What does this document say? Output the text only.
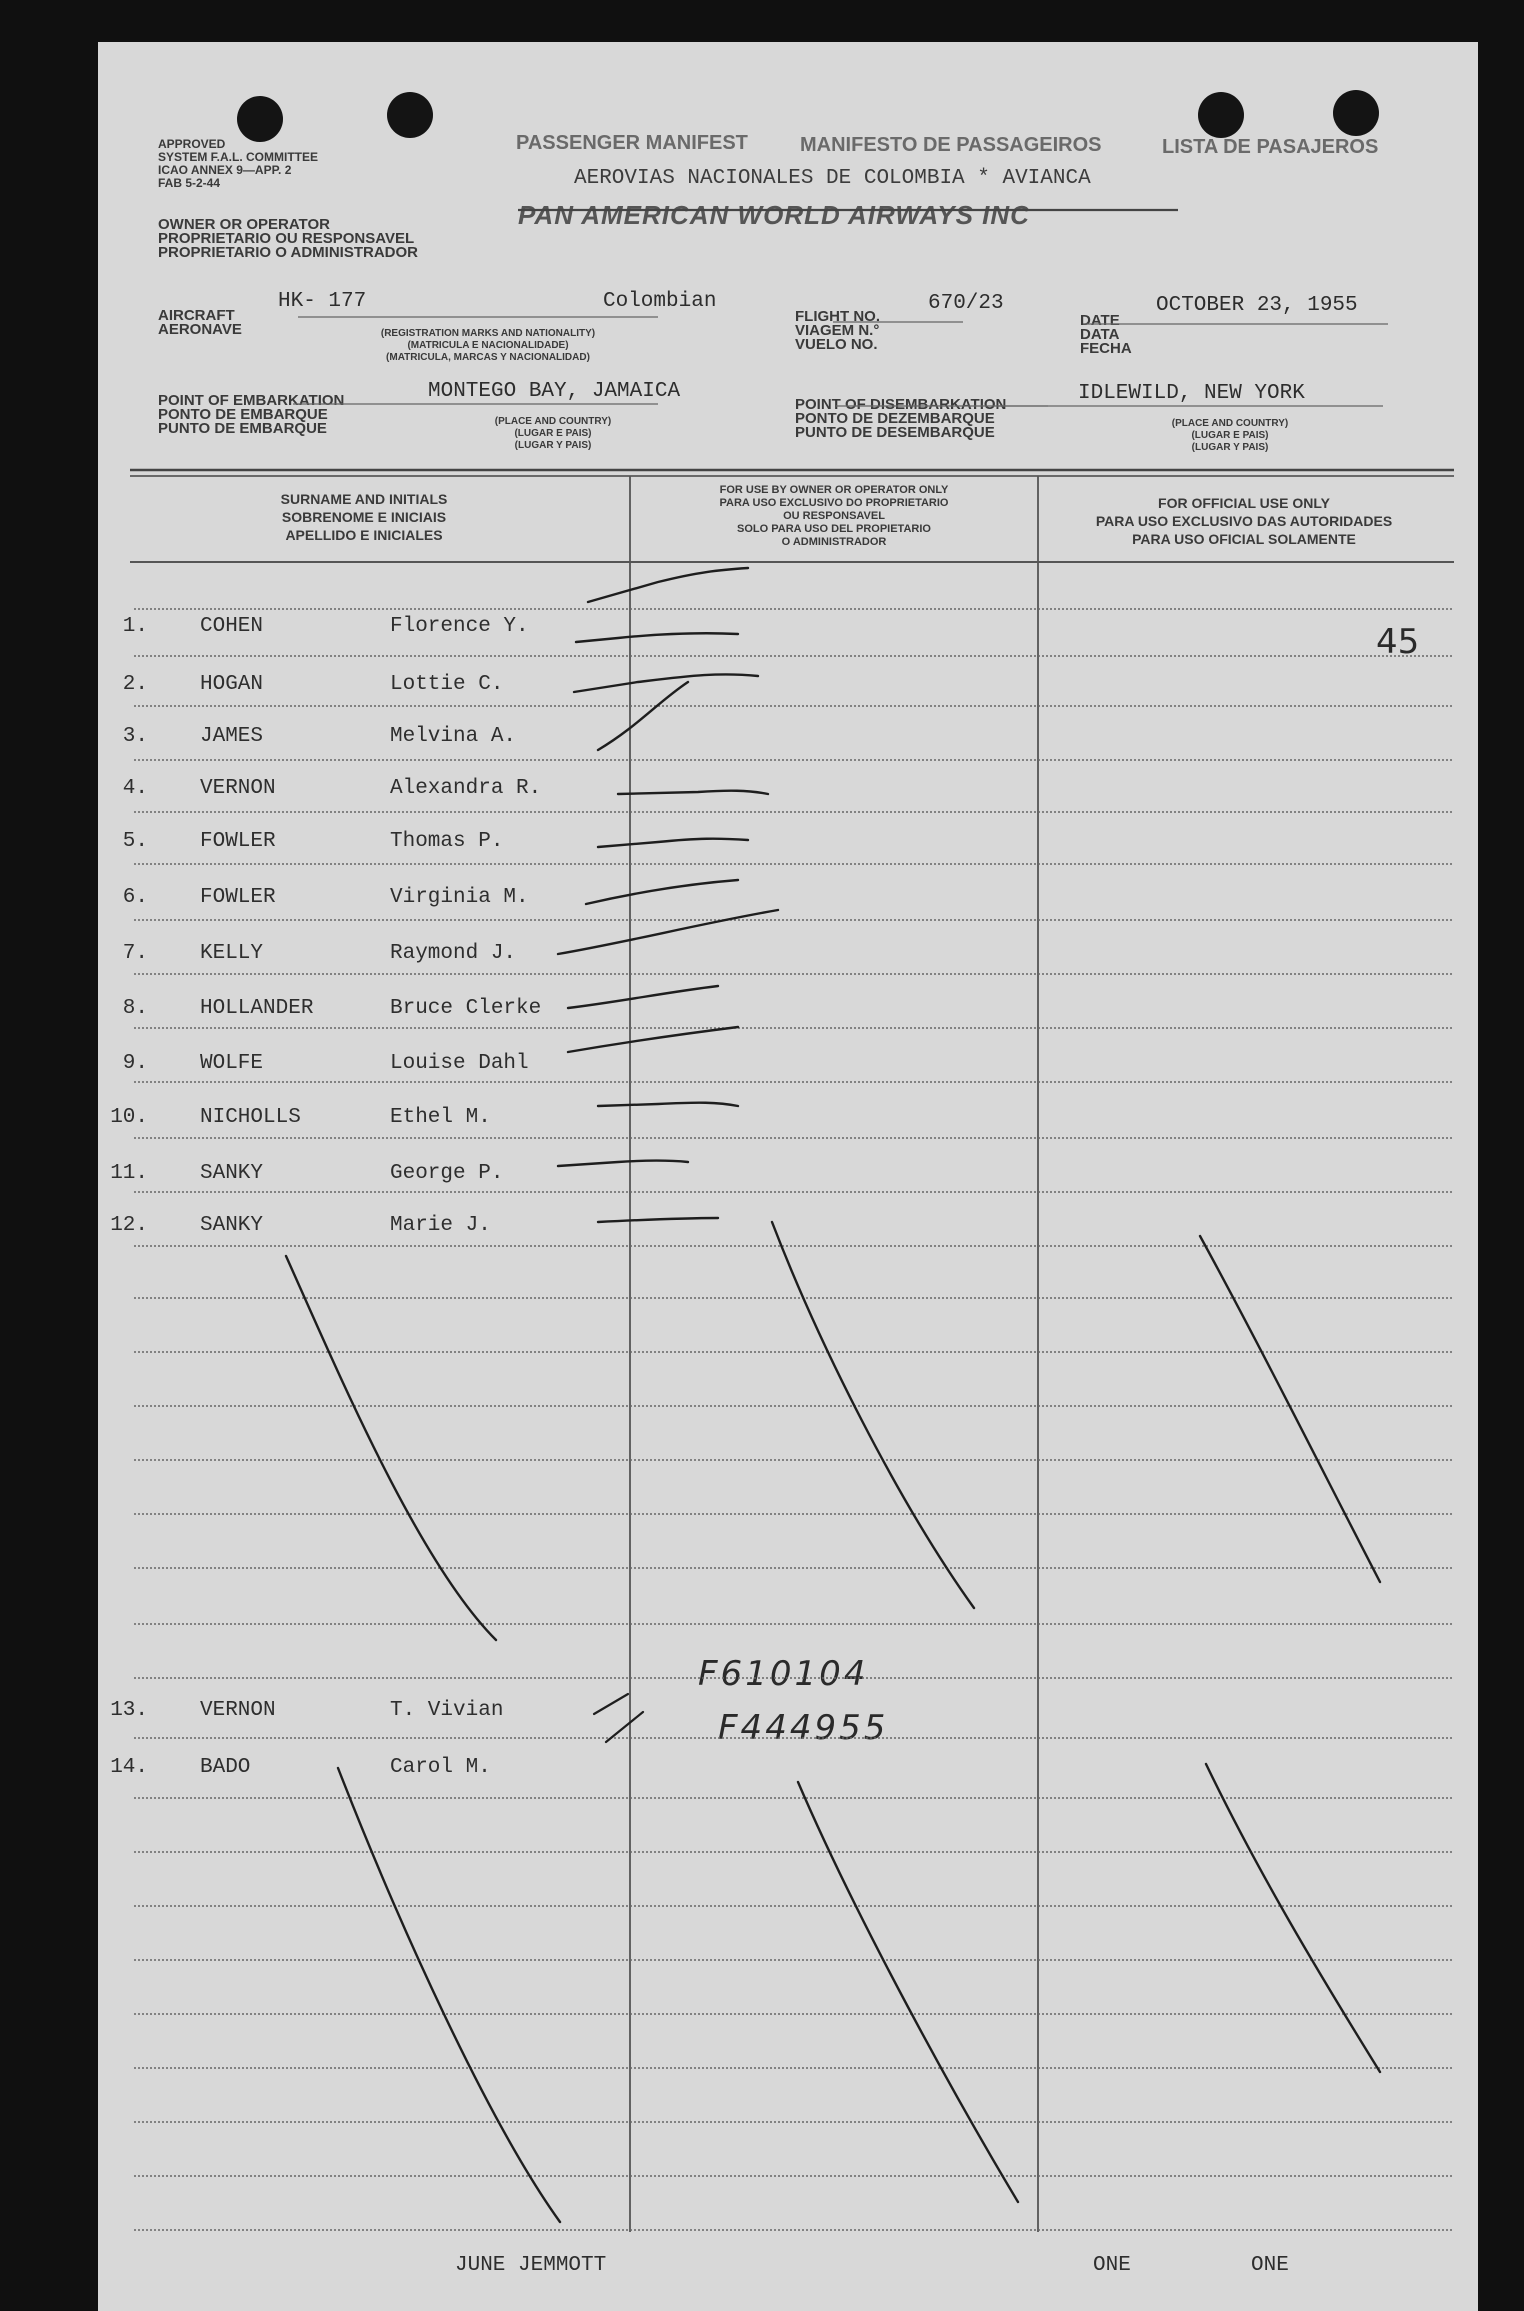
APPROVED
SYSTEM F.A.L. COMMITTEE
ICAO ANNEX 9—APP. 2
FAB 5-2-44
OWNER OR OPERATOR
PROPRIETARIO OU RESPONSAVEL
PROPRIETARIO O ADMINISTRADOR
PASSENGER MANIFEST	MANIFESTO DE PASSAGEIROS	LISTA DE PASAJEROS
AEROVIAS NACIONALES DE COLOMBIA * AVIANCA
PAN AMERICAN WORLD AIRWAYS INC
AIRCRAFT
AERONAVE
HK- 177	Colombian
(REGISTRATION MARKS AND NATIONALITY)
(MATRICULA E NACIONALIDADE)
(MATRICULA, MARCAS Y NACIONALIDAD)
FLIGHT NO.
VIAGEM N.°
VUELO NO.
670/23
DATE
DATA
FECHA
OCTOBER 23, 1955
POINT OF EMBARKATION
PONTO DE EMBARQUE
PUNTO DE EMBARQUE
MONTEGO BAY, JAMAICA
(PLACE AND COUNTRY)
(LUGAR E PAIS)
(LUGAR Y PAIS)
POINT OF DISEMBARKATION
PONTO DE DEZEMBARQUE
PUNTO DE DESEMBARQUE
IDLEWILD, NEW YORK
(PLACE AND COUNTRY)
(LUGAR E PAIS)
(LUGAR Y PAIS)
SURNAME AND INITIALS
SOBRENOME E INICIAIS
APELLIDO E INICIALES
FOR USE BY OWNER OR OPERATOR ONLY
PARA USO EXCLUSIVO DO PROPRIETARIO
OU RESPONSAVEL
SOLO PARA USO DEL PROPIETARIO
O ADMINISTRADOR
FOR OFFICIAL USE ONLY
PARA USO EXCLUSIVO DAS AUTORIDADES
PARA USO OFICIAL SOLAMENTE
1. COHEN	Florence Y.
2. HOGAN	Lottie C.
3. JAMES	Melvina A.
4. VERNON	Alexandra R.
5. FOWLER	Thomas P.
6. FOWLER	Virginia M.
7. KELLY	Raymond J.
8. HOLLANDER	Bruce Clerke
9. WOLFE	Louise Dahl
10. NICHOLLS	Ethel M.
11. SANKY	George P.
12. SANKY	Marie J.
13. VERNON	T. Vivian
14. BADO	Carol M.
45
F610104
F444955
JUNE JEMMOTT	ONE	ONE
